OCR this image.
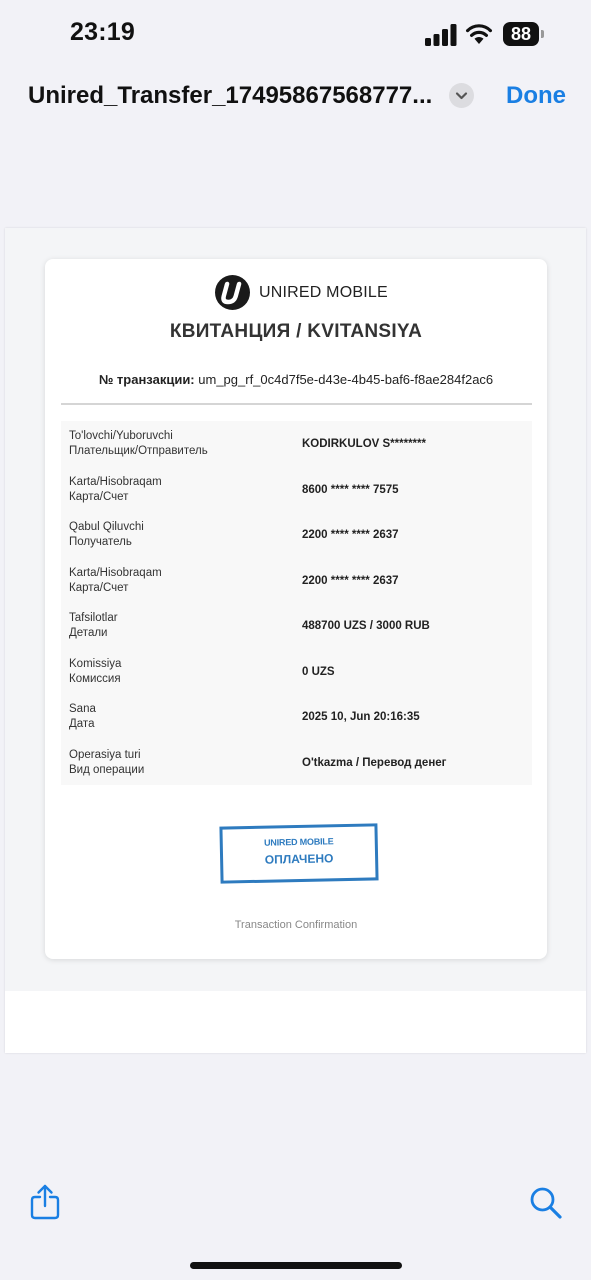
23:19	88
Unired_Transfer_17495867568777...	Done
UNIRED MOBILE
КВИТАНЦИЯ / KVITANSIYA
№ транзакции: um_pg_rf_0c4d7f5e-d43e-4b45-baf6-f8ae284f2ac6
To'lovchi/Yuboruvchi
Плательщик/Отправитель
KODIRKULOV S********
Karta/Hisobraqam
Карта/Счет
8600 **** **** 7575
Qabul Qiluvchi
Получатель
2200 **** **** 2637
Karta/Hisobraqam
Карта/Счет
2200 **** **** 2637
Tafsilotlar
Детали
488700 UZS / 3000 RUB
Komissiya
Комиссия
0 UZS
Sana
Дата
2025 10, Jun 20:16:35
Operasiya turi
Вид операции
O'tkazma / Перевод денег
UNIRED MOBILE
ОПЛАЧЕНО
Transaction Confirmation
